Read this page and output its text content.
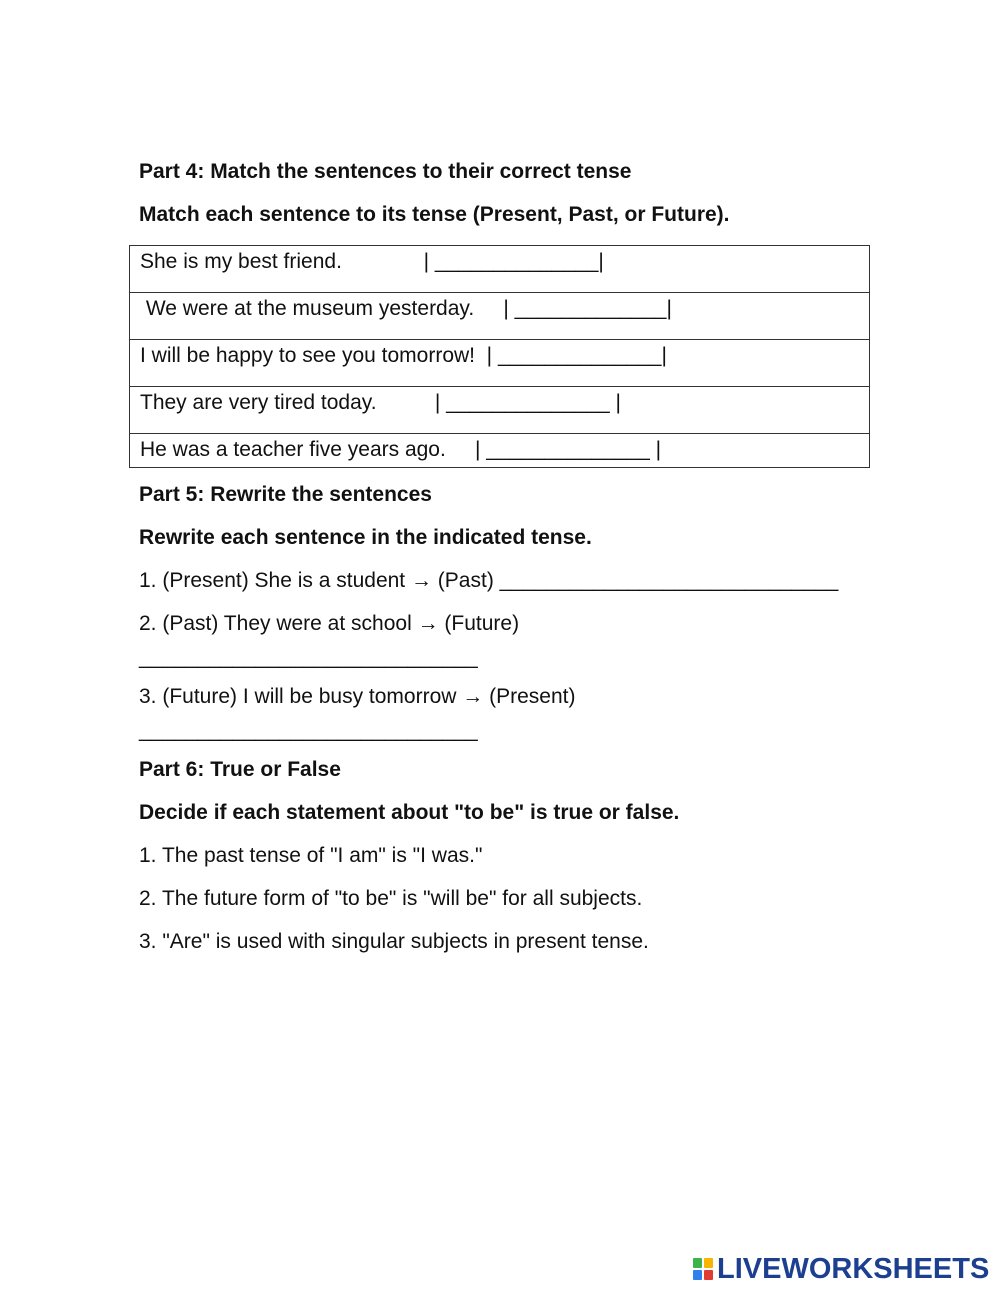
Part 4: Match the sentences to their correct tense
Match each sentence to its tense (Present, Past, or Future).
She is my best friend.              | ______________|
We were at the museum yesterday.     | _____________|
I will be happy to see you tomorrow!  | ______________|
They are very tired today.          | ______________ |
He was a teacher five years ago.     | ______________ |
Part 5: Rewrite the sentences
Rewrite each sentence in the indicated tense.
1. (Present) She is a student → (Past) _____________________________
2. (Past) They were at school → (Future)
_____________________________
3. (Future) I will be busy tomorrow → (Present)
_____________________________
Part 6: True or False
Decide if each statement about "to be" is true or false.
1. The past tense of "I am" is "I was."
2. The future form of "to be" is "will be" for all subjects.
3. "Are" is used with singular subjects in present tense.
LIVEWORKSHEETS
